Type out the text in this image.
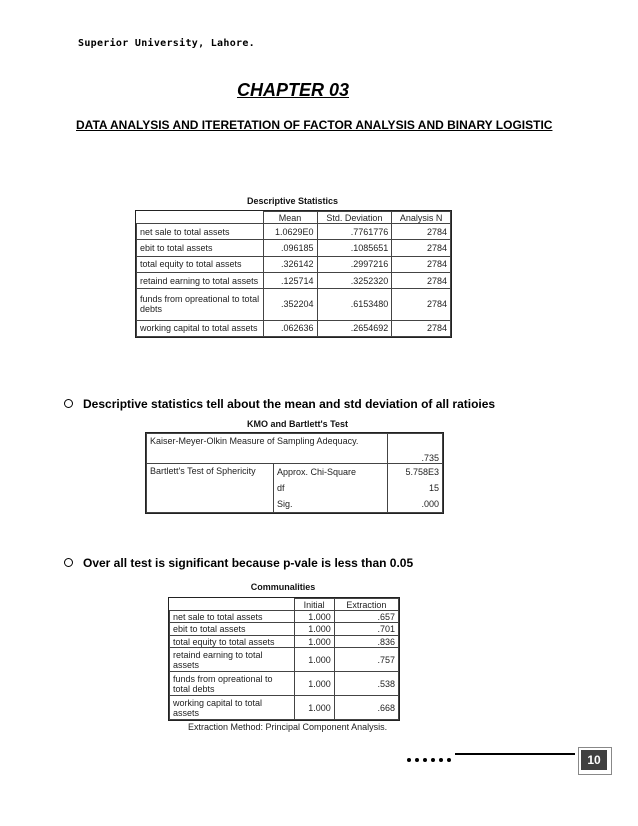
Superior University, Lahore.
CHAPTER 03
DATA ANALYSIS AND ITERETATION OF FACTOR ANALYSIS AND BINARY LOGISTIC
Descriptive Statistics
	Mean	Std. Deviation	Analysis N
net sale to total assets	1.0629E0	.7761776	2784
ebit to total assets	.096185	.1085651	2784
total equity to total assets	.326142	.2997216	2784
retaind earning to total assets	.125714	.3252320	2784
funds from opreational to total debts	.352204	.6153480	2784
working capital to total assets	.062636	.2654692	2784
Descriptive statistics tell about the mean and std deviation of all ratioies
KMO and Bartlett's Test
Kaiser-Meyer-Olkin Measure of Sampling Adequacy.		.735
Bartlett's Test of Sphericity	Approx. Chi-Square	5.758E3
	df	15
	Sig.	.000
Over all test is significant because p-vale is less than 0.05
Communalities
	Initial	Extraction
net sale to total assets	1.000	.657
ebit to total assets	1.000	.701
total equity to total assets	1.000	.836
retaind earning to total assets	1.000	.757
funds from opreational to total debts	1.000	.538
working capital to total assets	1.000	.668
Extraction Method: Principal Component Analysis.
10
